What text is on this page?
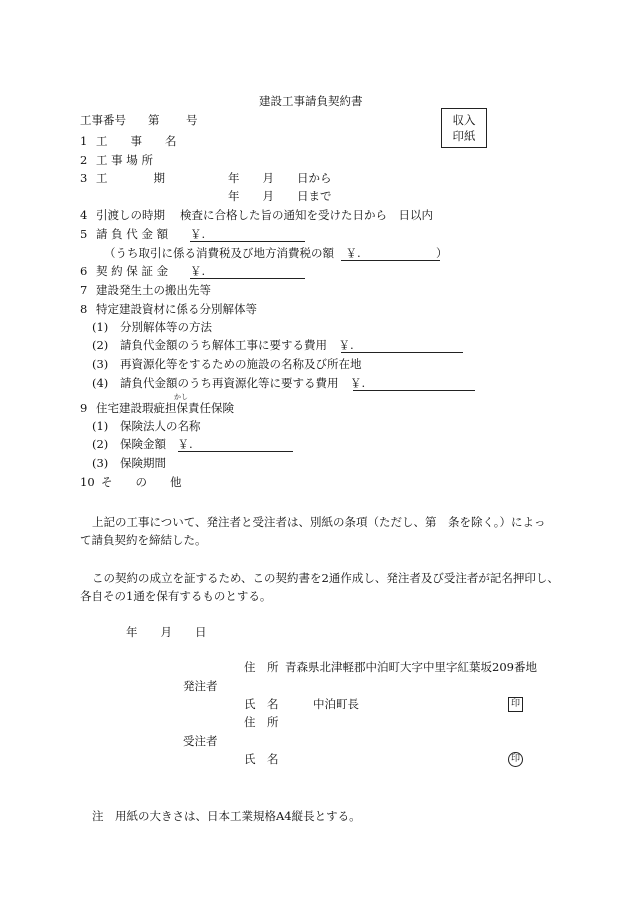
建設工事請負契約書
収入
印紙
工事番号 第 号
1 工　　事　　名
2 工 事 場 所
3 工　　　　期	年　　月　　日から
年　　月　　日まで
4 引渡しの時期 検査に合格した旨の通知を受けた日から　日以内
5 請 負 代 金 額 ￥.
（うち取引に係る消費税及び地方消費税の額　￥.	）
6 契 約 保 証 金 ￥.
7 建設発生土の搬出先等
8 特定建設資材に係る分別解体等
(1) 分別解体等の方法
(2) 請負代金額のうち解体工事に要する費用　￥.
(3) 再資源化等をするための施設の名称及び所在地
(4) 請負代金額のうち再資源化等に要する費用　￥.
かし
9 住宅建設瑕疵担保責任保険
(1) 保険法人の名称
(2) 保険金額　￥.
(3) 保険期間
10 そ　　の　　他
上記の工事について、発注者と受注者は、別紙の条項（ただし、第　条を除く。）によっ
て請負契約を締結した。
この契約の成立を証するため、この契約書を2通作成し、発注者及び受注者が記名押印し、
各自その1通を保有するものとする。
年　　月　　日
住　所 青森県北津軽郡中泊町大字中里字紅葉坂209番地
発注者
氏　名	中泊町長	印
住　所
受注者
氏　名	印
注　用紙の大きさは、日本工業規格A4縦長とする。
